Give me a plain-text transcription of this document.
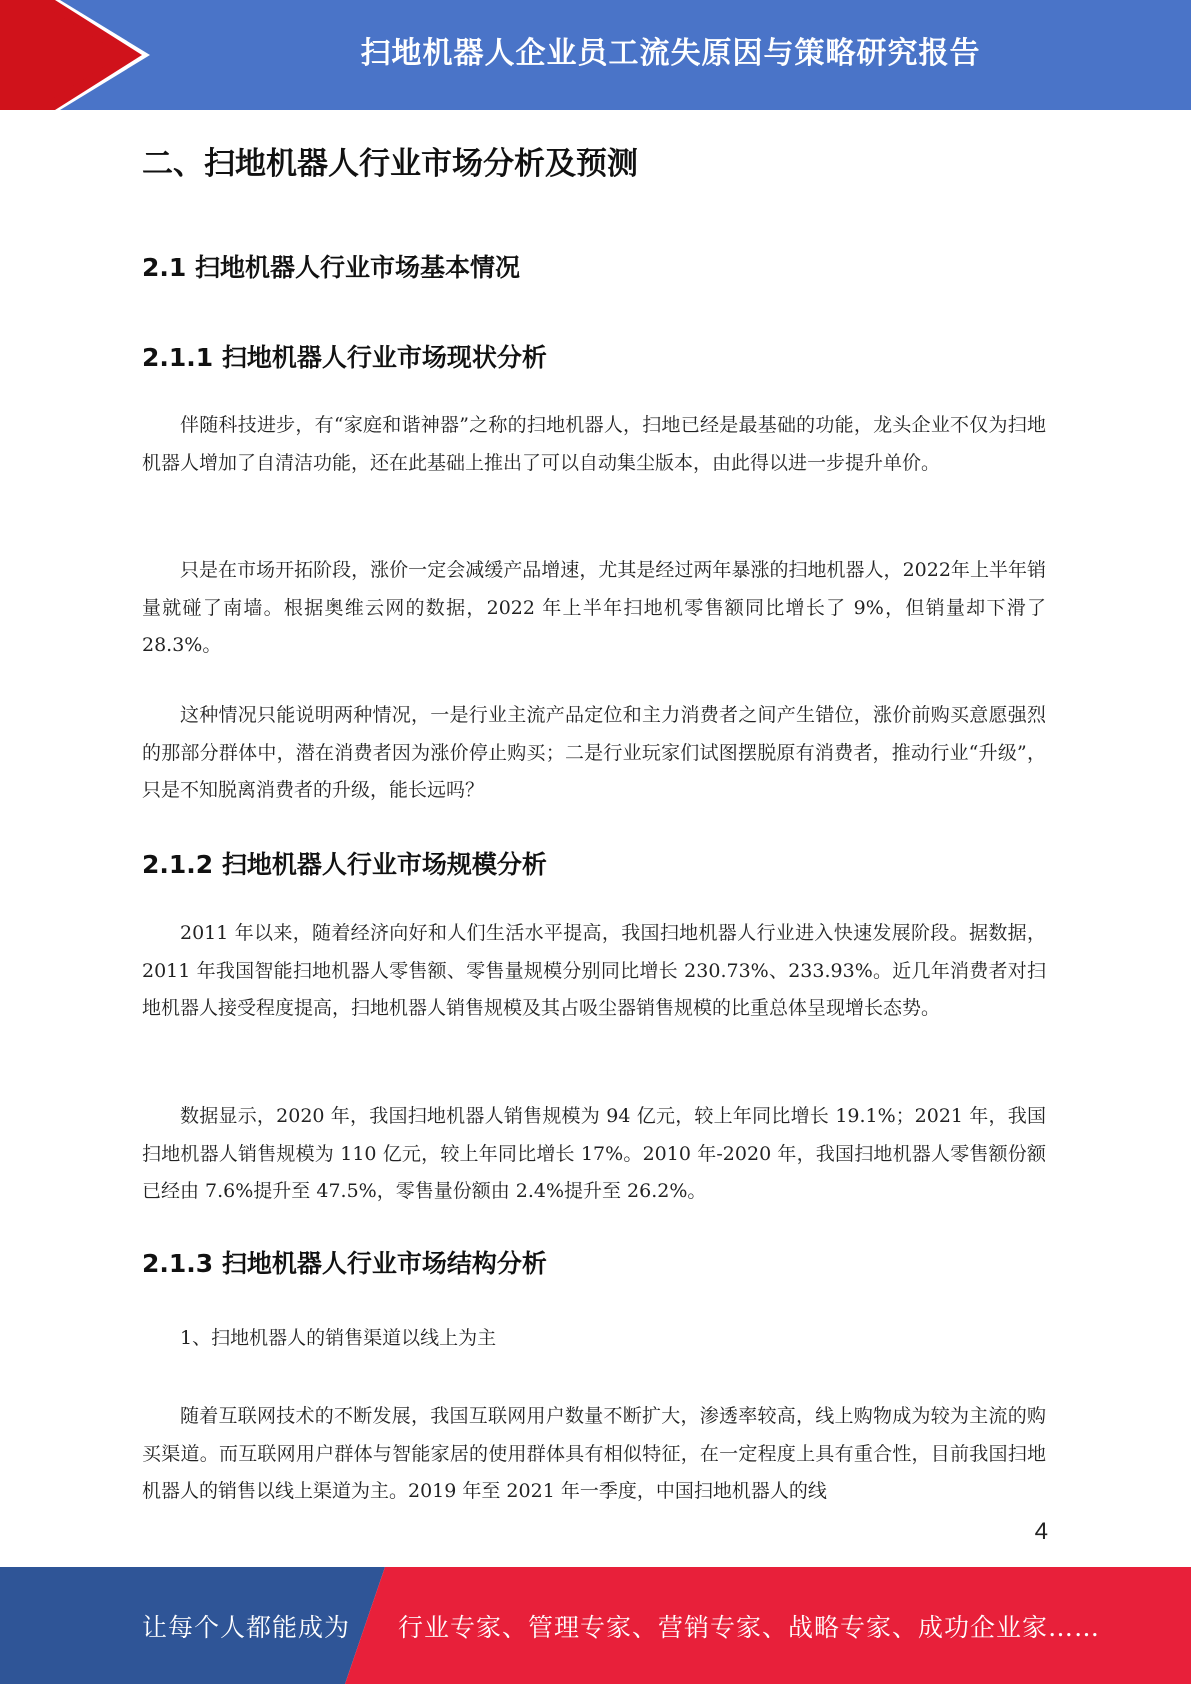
扫地机器人企业员工流失原因与策略研究报告
二、扫地机器人行业市场分析及预测
2.1 扫地机器人行业市场基本情况
2.1.1 扫地机器人行业市场现状分析

伴随科技进步，有“家庭和谐神器”之称的扫地机器人，扫地已经是最基础的功能，龙头企业不仅为扫地机器人增加了自清洁功能，还在此基础上推出了可以自动集尘版本，由此得以进一步提升单价。

只是在市场开拓阶段，涨价一定会减缓产品增速，尤其是经过两年暴涨的扫地机器人，2022年上半年销量就碰了南墙。根据奥维云网的数据，2022 年上半年扫地机零售额同比增长了 9%，但销量却下滑了 28.3%。

这种情况只能说明两种情况，一是行业主流产品定位和主力消费者之间产生错位，涨价前购买意愿强烈的那部分群体中，潜在消费者因为涨价停止购买；二是行业玩家们试图摆脱原有消费者，推动行业“升级”，只是不知脱离消费者的升级，能长远吗？

2.1.2 扫地机器人行业市场规模分析

2011 年以来，随着经济向好和人们生活水平提高，我国扫地机器人行业进入快速发展阶段。据数据，2011 年我国智能扫地机器人零售额、零售量规模分别同比增长 230.73%、233.93%。近几年消费者对扫地机器人接受程度提高，扫地机器人销售规模及其占吸尘器销售规模的比重总体呈现增长态势。

数据显示，2020 年，我国扫地机器人销售规模为 94 亿元，较上年同比增长 19.1%；2021 年，我国扫地机器人销售规模为 110 亿元，较上年同比增长 17%。2010 年-2020 年，我国扫地机器人零售额份额已经由 7.6%提升至 47.5%，零售量份额由 2.4%提升至 26.2%。

2.1.3 扫地机器人行业市场结构分析

1、扫地机器人的销售渠道以线上为主

随着互联网技术的不断发展，我国互联网用户数量不断扩大，渗透率较高，线上购物成为较为主流的购买渠道。而互联网用户群体与智能家居的使用群体具有相似特征，在一定程度上具有重合性，目前我国扫地机器人的销售以线上渠道为主。2019 年至 2021 年一季度，中国扫地机器人的线

4
让每个人都能成为 行业专家、管理专家、营销专家、战略专家、成功企业家……
